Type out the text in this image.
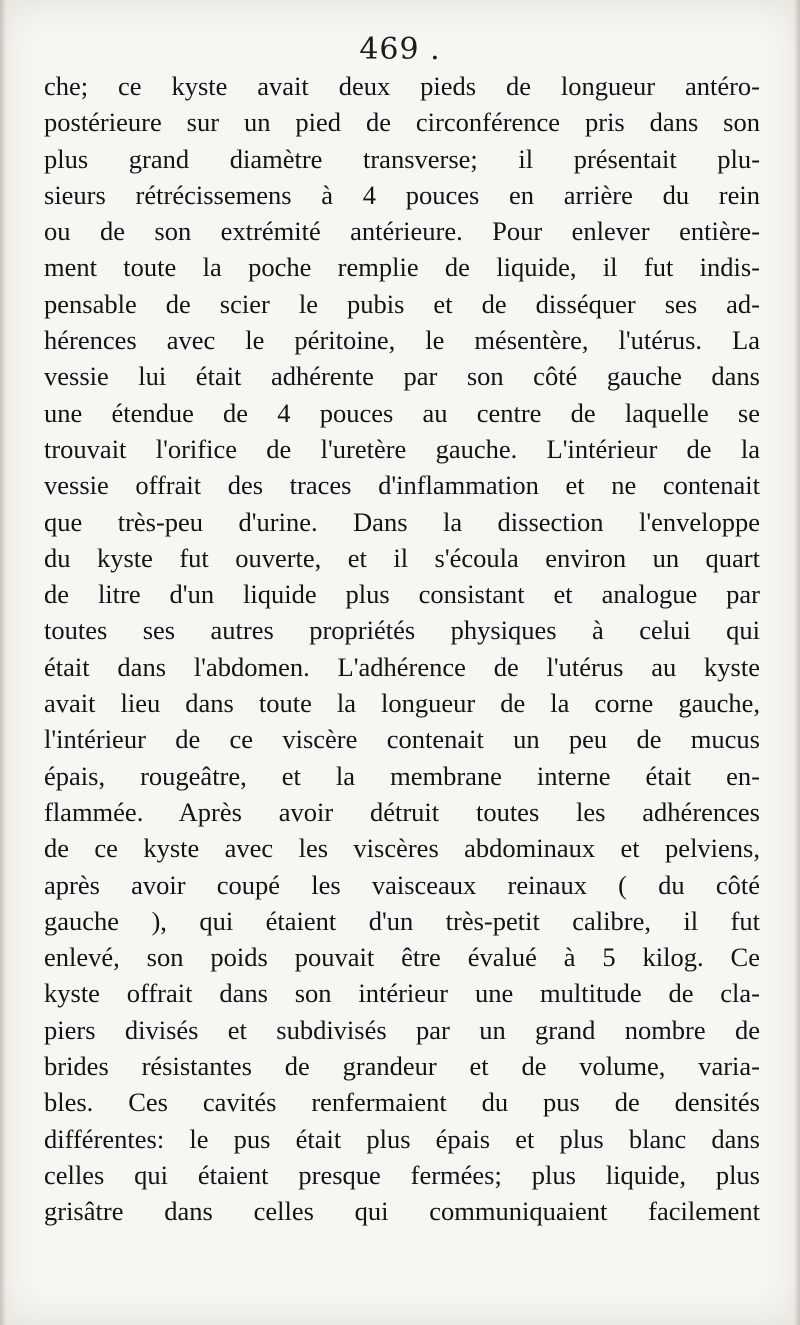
469 .
che; ce kyste avait deux pieds de longueur antéro-
postérieure sur un pied de circonférence pris dans son
plus grand diamètre transverse; il présentait plu-
sieurs rétrécissemens à 4 pouces en arrière du rein
ou de son extrémité antérieure. Pour enlever entière-
ment toute la poche remplie de liquide, il fut indis-
pensable de scier le pubis et de disséquer ses ad-
hérences avec le péritoine, le mésentère, l'utérus. La
vessie lui était adhérente par son côté gauche dans
une étendue de 4 pouces au centre de laquelle se
trouvait l'orifice de l'uretère gauche. L'intérieur de la
vessie offrait des traces d'inflammation et ne contenait
que très-peu d'urine. Dans la dissection l'enveloppe
du kyste fut ouverte, et il s'écoula environ un quart
de litre d'un liquide plus consistant et analogue par
toutes ses autres propriétés physiques à celui qui
était dans l'abdomen. L'adhérence de l'utérus au kyste
avait lieu dans toute la longueur de la corne gauche,
l'intérieur de ce viscère contenait un peu de mucus
épais, rougeâtre, et la membrane interne était en-
flammée. Après avoir détruit toutes les adhérences
de ce kyste avec les viscères abdominaux et pelviens,
après avoir coupé les vaisceaux reinaux ( du côté
gauche ), qui étaient d'un très-petit calibre, il fut
enlevé, son poids pouvait être évalué à 5 kilog. Ce
kyste offrait dans son intérieur une multitude de cla-
piers divisés et subdivisés par un grand nombre de
brides résistantes de grandeur et de volume, varia-
bles. Ces cavités renfermaient du pus de densités
différentes: le pus était plus épais et plus blanc dans
celles qui étaient presque fermées; plus liquide, plus
grisâtre dans celles qui communiquaient facilement
